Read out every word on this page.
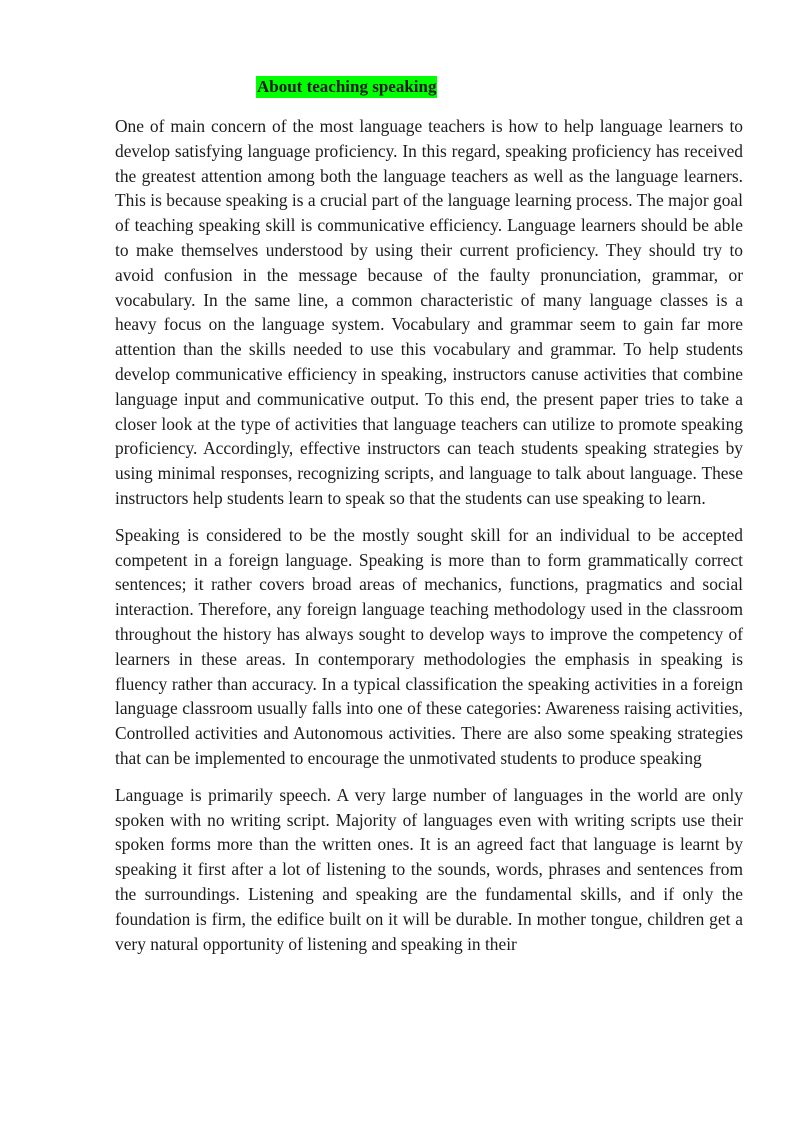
About teaching speaking

One of main concern of the most language teachers is how to help language learners to develop satisfying language proficiency. In this regard, speaking proficiency has received the greatest attention among both the language teachers as well as the language learners. This is because speaking is a crucial part of the language learning process. The major goal of teaching speaking skill is communicative efficiency. Language learners should be able to make themselves understood by using their current proficiency. They should try to avoid confusion in the message because of the faulty pronunciation, grammar, or vocabulary. In the same line, a common characteristic of many language classes is a heavy focus on the language system. Vocabulary and grammar seem to gain far more attention than the skills needed to use this vocabulary and grammar. To help students develop communicative efficiency in speaking, instructors canuse activities that combine language input and communicative output. To this end, the present paper tries to take a closer look at the type of activities that language teachers can utilize to promote speaking proficiency. Accordingly, effective instructors can teach students speaking strategies by using minimal responses, recognizing scripts, and language to talk about language. These instructors help students learn to speak so that the students can use speaking to learn.

Speaking is considered to be the mostly sought skill for an individual to be accepted competent in a foreign language. Speaking is more than to form grammatically correct sentences; it rather covers broad areas of mechanics, functions, pragmatics and social interaction. Therefore, any foreign language teaching methodology used in the classroom throughout the history has always sought to develop ways to improve the competency of learners in these areas. In contemporary methodologies the emphasis in speaking is fluency rather than accuracy. In a typical classification the speaking activities in a foreign language classroom usually falls into one of these categories: Awareness raising activities, Controlled activities and Autonomous activities. There are also some speaking strategies that can be implemented to encourage the unmotivated students to produce speaking

Language is primarily speech. A very large number of languages in the world are only spoken with no writing script. Majority of languages even with writing scripts use their spoken forms more than the written ones. It is an agreed fact that language is learnt by speaking it first after a lot of listening to the sounds, words, phrases and sentences from the surroundings. Listening and speaking are the fundamental skills, and if only the foundation is firm, the edifice built on it will be durable. In mother tongue, children get a very natural opportunity of listening and speaking in their
